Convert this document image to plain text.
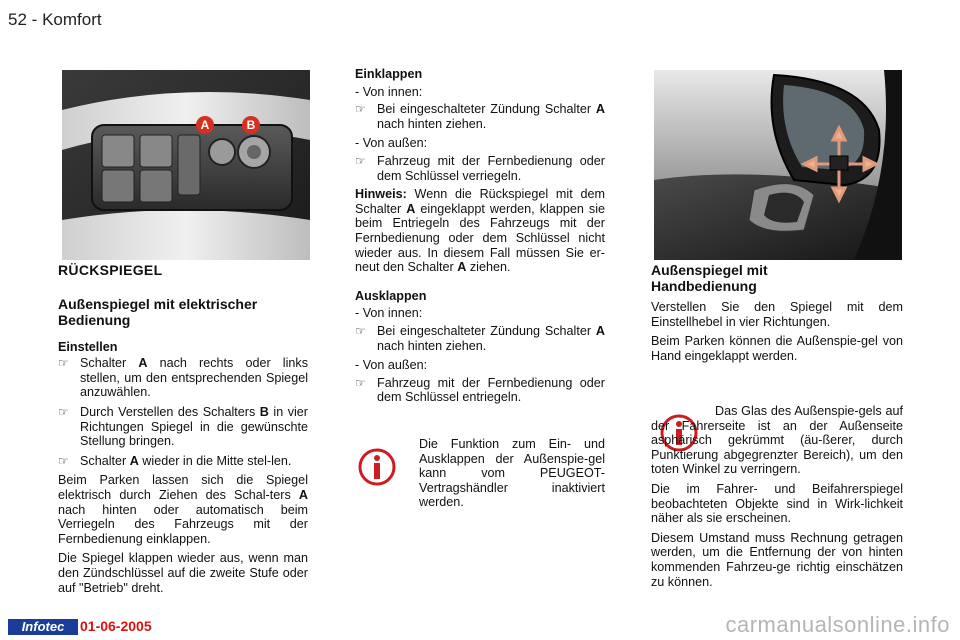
52 - Komfort
A	B
RÜCKSPIEGEL
Außenspiegel mit elektrischer Bedienung
Einstellen
☞ Schalter A nach rechts oder links stellen, um den entsprechenden Spiegel anzuwählen.
☞ Durch Verstellen des Schalters B in vier Richtungen Spiegel in die gewünschte Stellung bringen.
☞ Schalter A wieder in die Mitte stel-len.

Beim Parken lassen sich die Spiegel elektrisch durch Ziehen des Schal-ters A nach hinten oder automatisch beim Verriegeln des Fahrzeugs mit der Fernbedienung einklappen.

Die Spiegel klappen wieder aus, wenn man den Zündschlüssel auf die zweite Stufe oder auf "Betrieb" dreht.

Einklappen
- Von innen:
☞ Bei eingeschalteter Zündung Schalter A nach hinten ziehen.
- Von außen:
☞ Fahrzeug mit der Fernbedienung oder dem Schlüssel verriegeln.

Hinweis: Wenn die Rückspiegel mit dem Schalter A eingeklappt werden, klappen sie beim Entriegeln des Fahrzeugs mit der Fernbedienung oder dem Schlüssel nicht wieder aus. In diesem Fall müssen Sie er-neut den Schalter A ziehen.

Ausklappen
- Von innen:
☞ Bei eingeschalteter Zündung Schalter A nach hinten ziehen.
- Von außen:
☞ Fahrzeug mit der Fernbedienung oder dem Schlüssel entriegeln.
Die Funktion zum Ein- und Ausklappen der Außenspie-gel kann vom PEUGEOT-Vertragshändler inaktiviert werden.
Außenspiegel mit Handbedienung

Verstellen Sie den Spiegel mit dem Einstellhebel in vier Richtungen.

Beim Parken können die Außenspie-gel von Hand eingeklappt werden.

Das Glas des Außenspie-gels auf der Fahrerseite ist an der Außenseite asphärisch gekrümmt (äu-ßerer, durch Punktierung abgegrenzter Bereich), um den toten Winkel zu verringern.

Die im Fahrer- und Beifahrerspiegel beobachteten Objekte sind in Wirk-lichkeit näher als sie erscheinen.

Diesem Umstand muss Rechnung getragen werden, um die Entfernung der von hinten kommenden Fahrzeu-ge richtig einschätzen zu können.

Infotec	01-06-2005	carmanualsonline.info
